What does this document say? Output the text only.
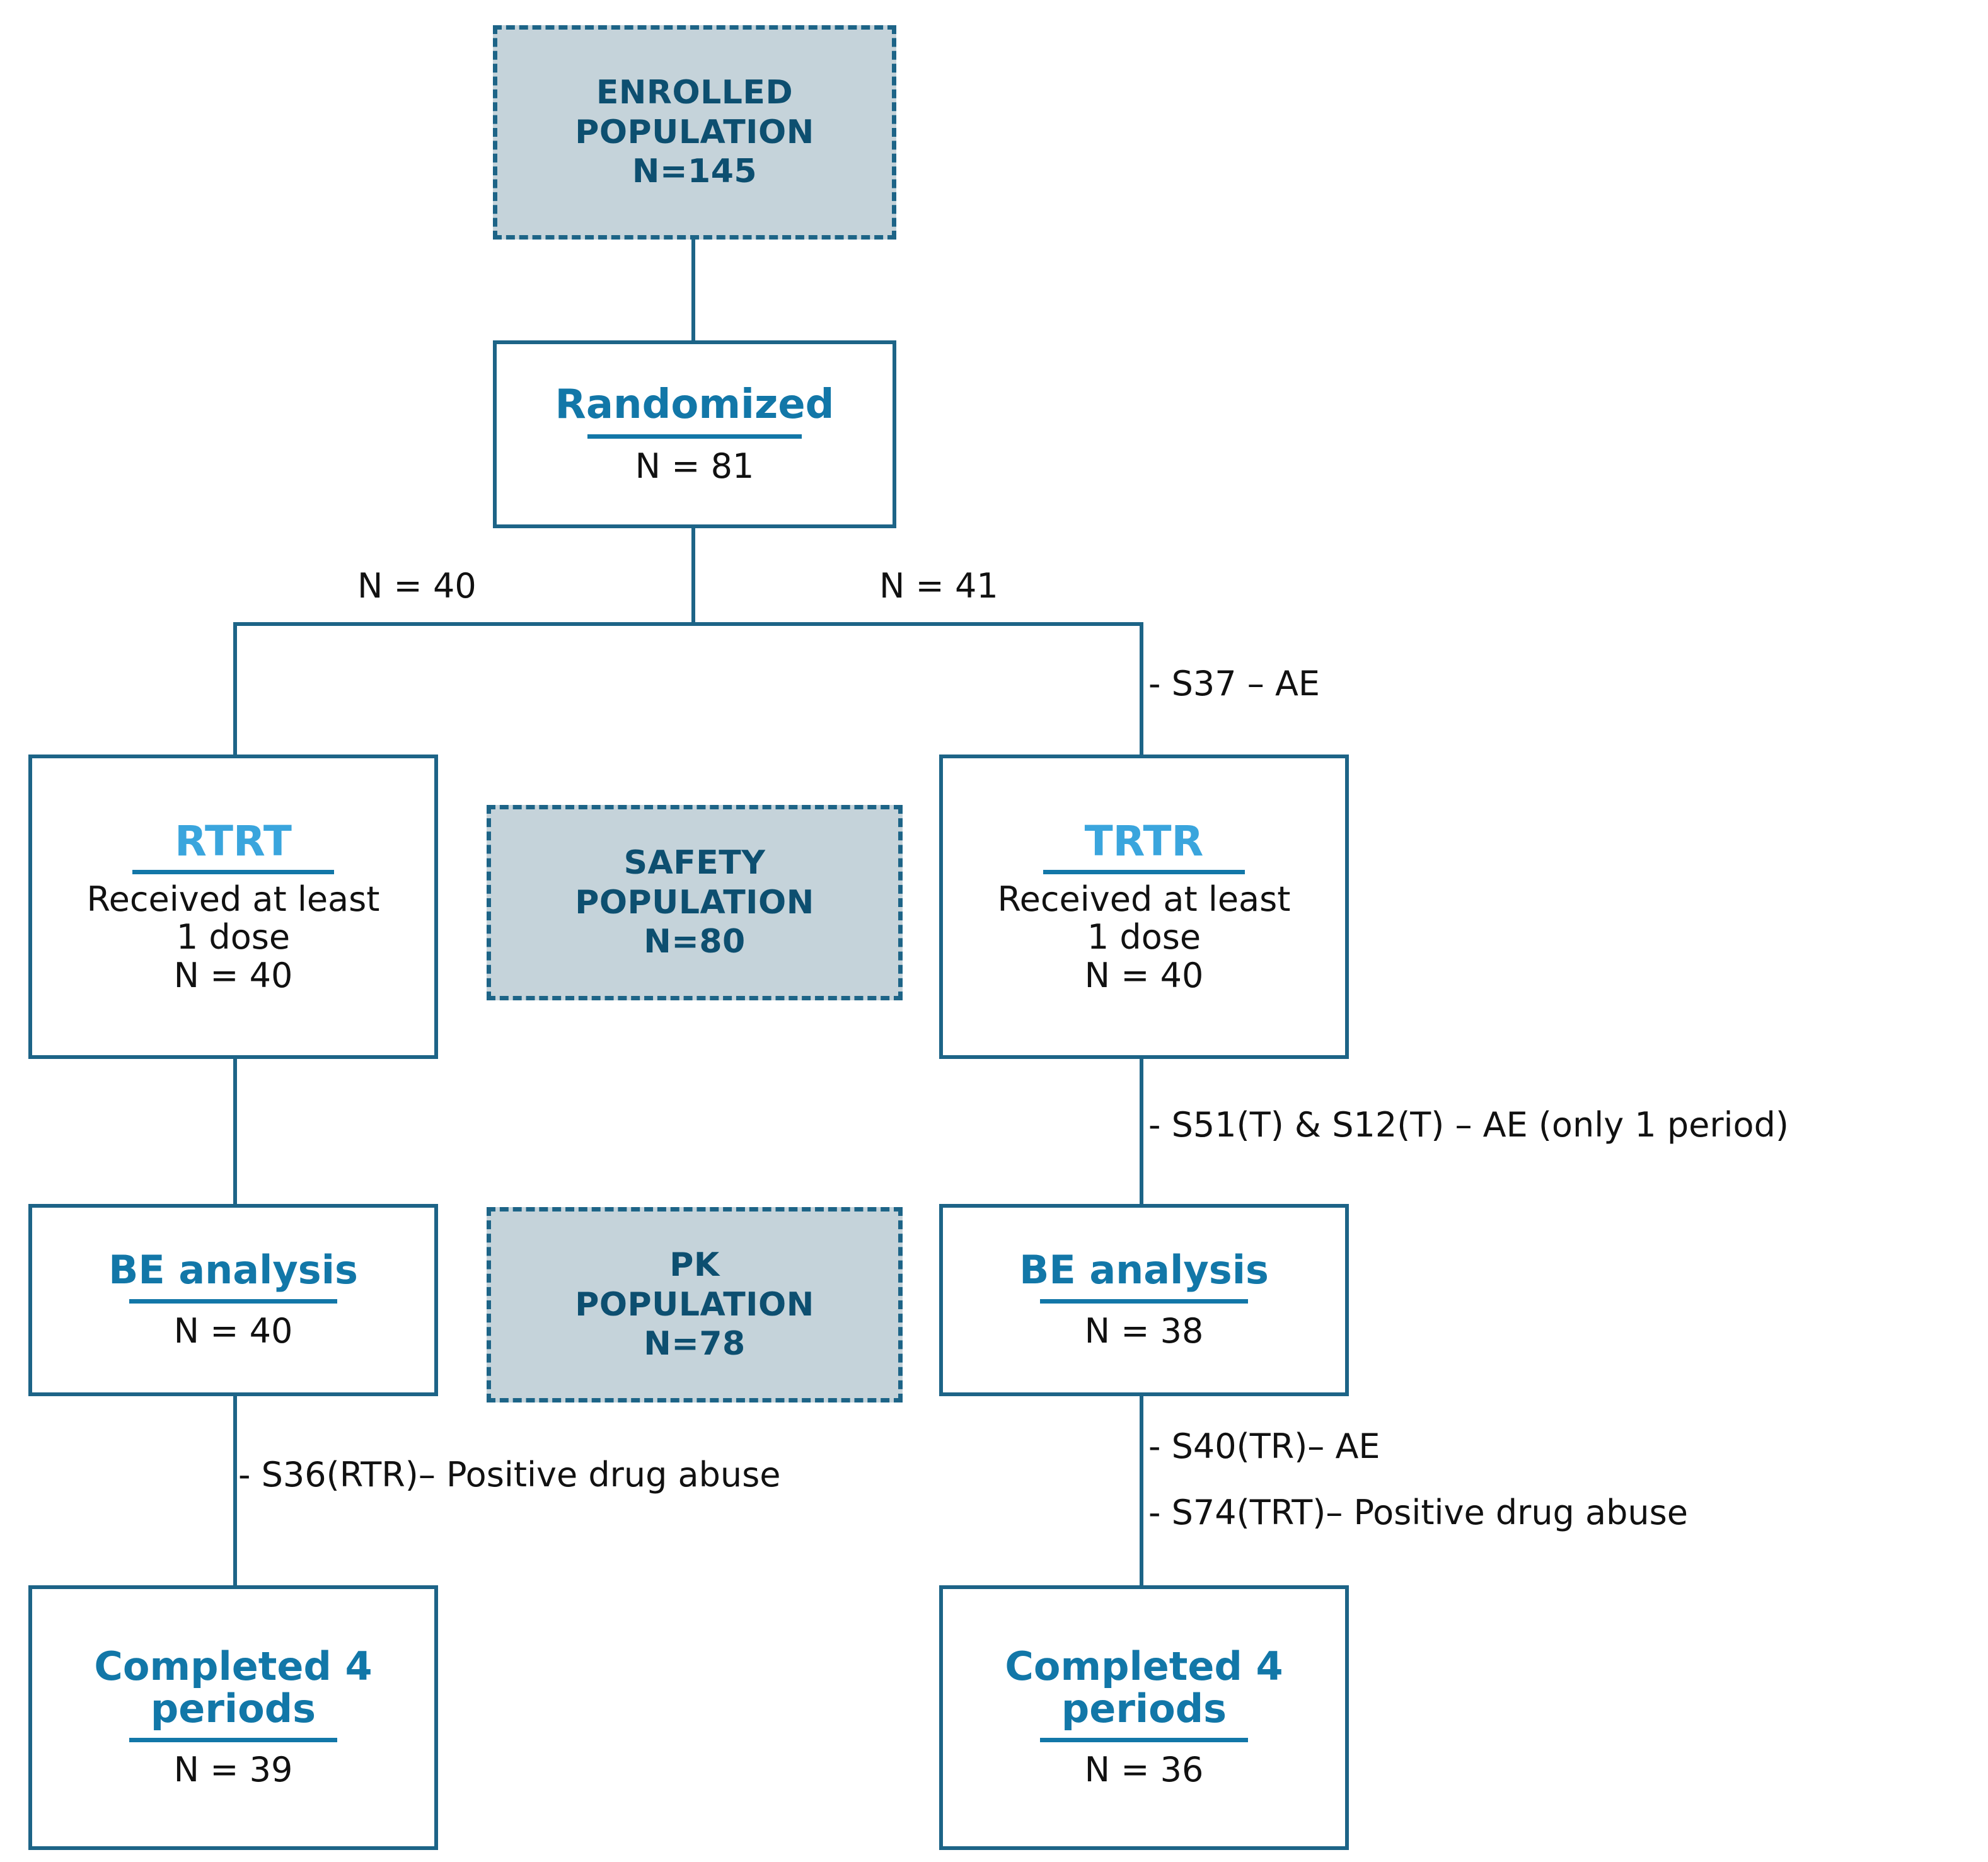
ENROLLED
POPULATION
N=145
Randomized
N = 81
RTRT
Received at least
1 dose
N = 40
SAFETY
POPULATION
N=80
TRTR
Received at least
1 dose
N = 40
BE analysis
N = 40
PK
POPULATION
N=78
BE analysis
N = 38
Completed 4
periods
N = 39
Completed 4
periods
N = 36
N = 40	N = 41
- S37 – AE
- S51(T) & S12(T) – AE (only 1 period)
- S36(RTR)– Positive drug abuse
- S40(TR)– AE
- S74(TRT)– Positive drug abuse
